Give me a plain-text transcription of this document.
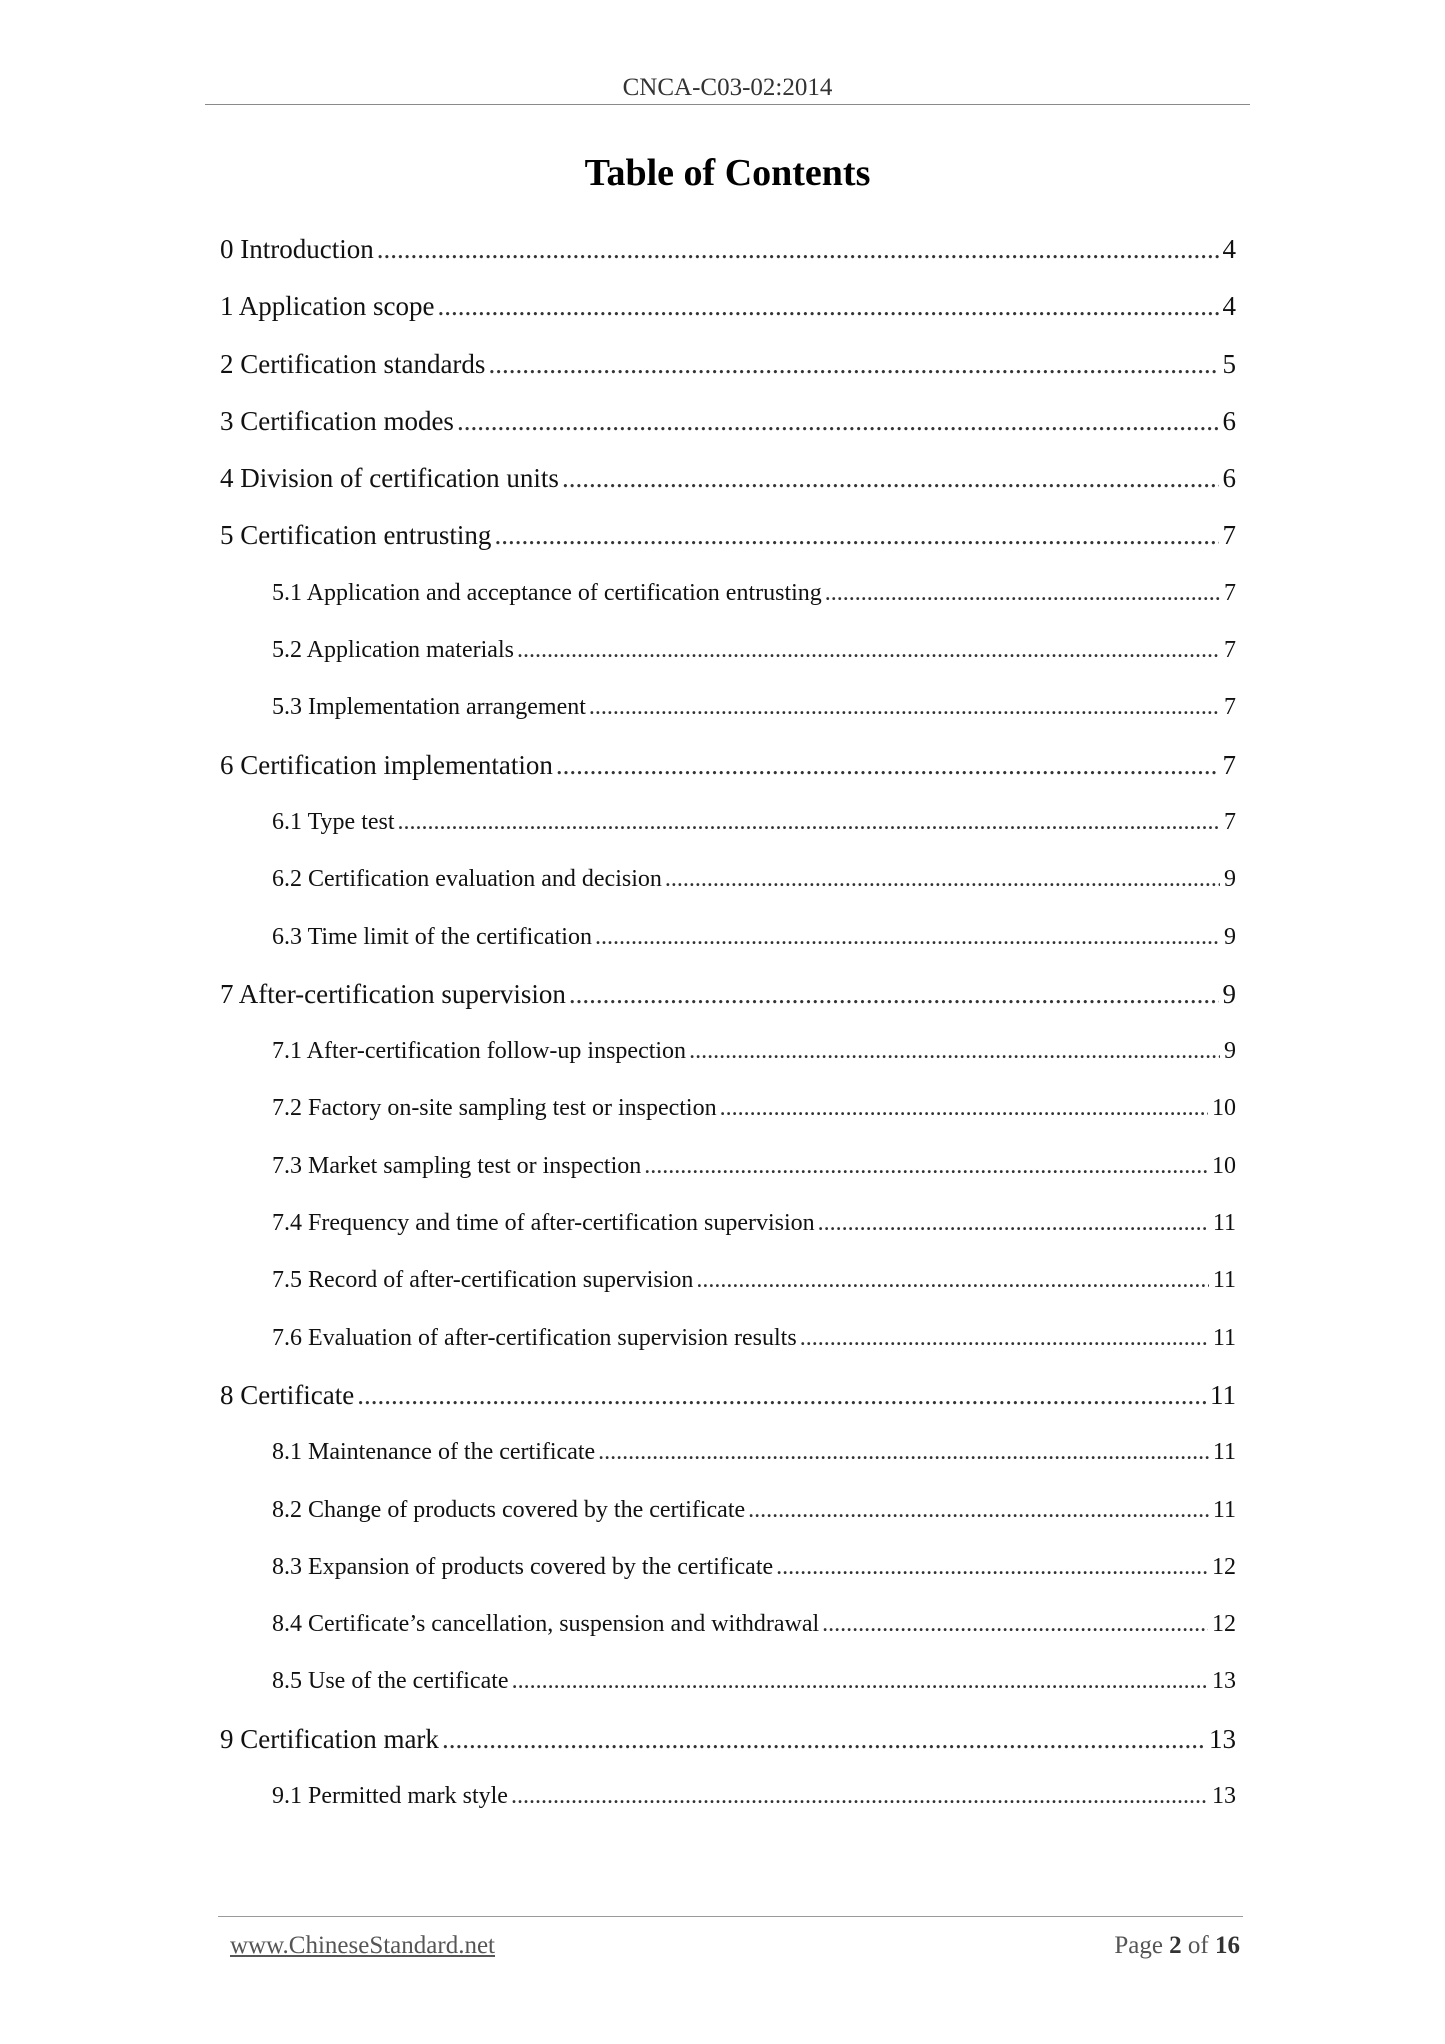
CNCA-C03-02:2014
Table of Contents
0 Introduction .....	4
1 Application scope .....	4
2 Certification standards .....	5
3 Certification modes .....	6
4 Division of certification units .....	6
5 Certification entrusting .....	7
5.1 Application and acceptance of certification entrusting .....	7
5.2 Application materials .....	7
5.3 Implementation arrangement .....	7
6 Certification implementation .....	7
6.1 Type test .....	7
6.2 Certification evaluation and decision .....	9
6.3 Time limit of the certification .....	9
7 After-certification supervision .....	9
7.1 After-certification follow-up inspection .....	9
7.2 Factory on-site sampling test or inspection .....	10
7.3 Market sampling test or inspection .....	10
7.4 Frequency and time of after-certification supervision .....	11
7.5 Record of after-certification supervision .....	11
7.6 Evaluation of after-certification supervision results .....	11
8 Certificate .....	11
8.1 Maintenance of the certificate .....	11
8.2 Change of products covered by the certificate .....	11
8.3 Expansion of products covered by the certificate .....	12
8.4 Certificate’s cancellation, suspension and withdrawal .....	12
8.5 Use of the certificate .....	13
9 Certification mark .....	13
9.1 Permitted mark style .....	13
www.ChineseStandard.net	Page 2 of 16
